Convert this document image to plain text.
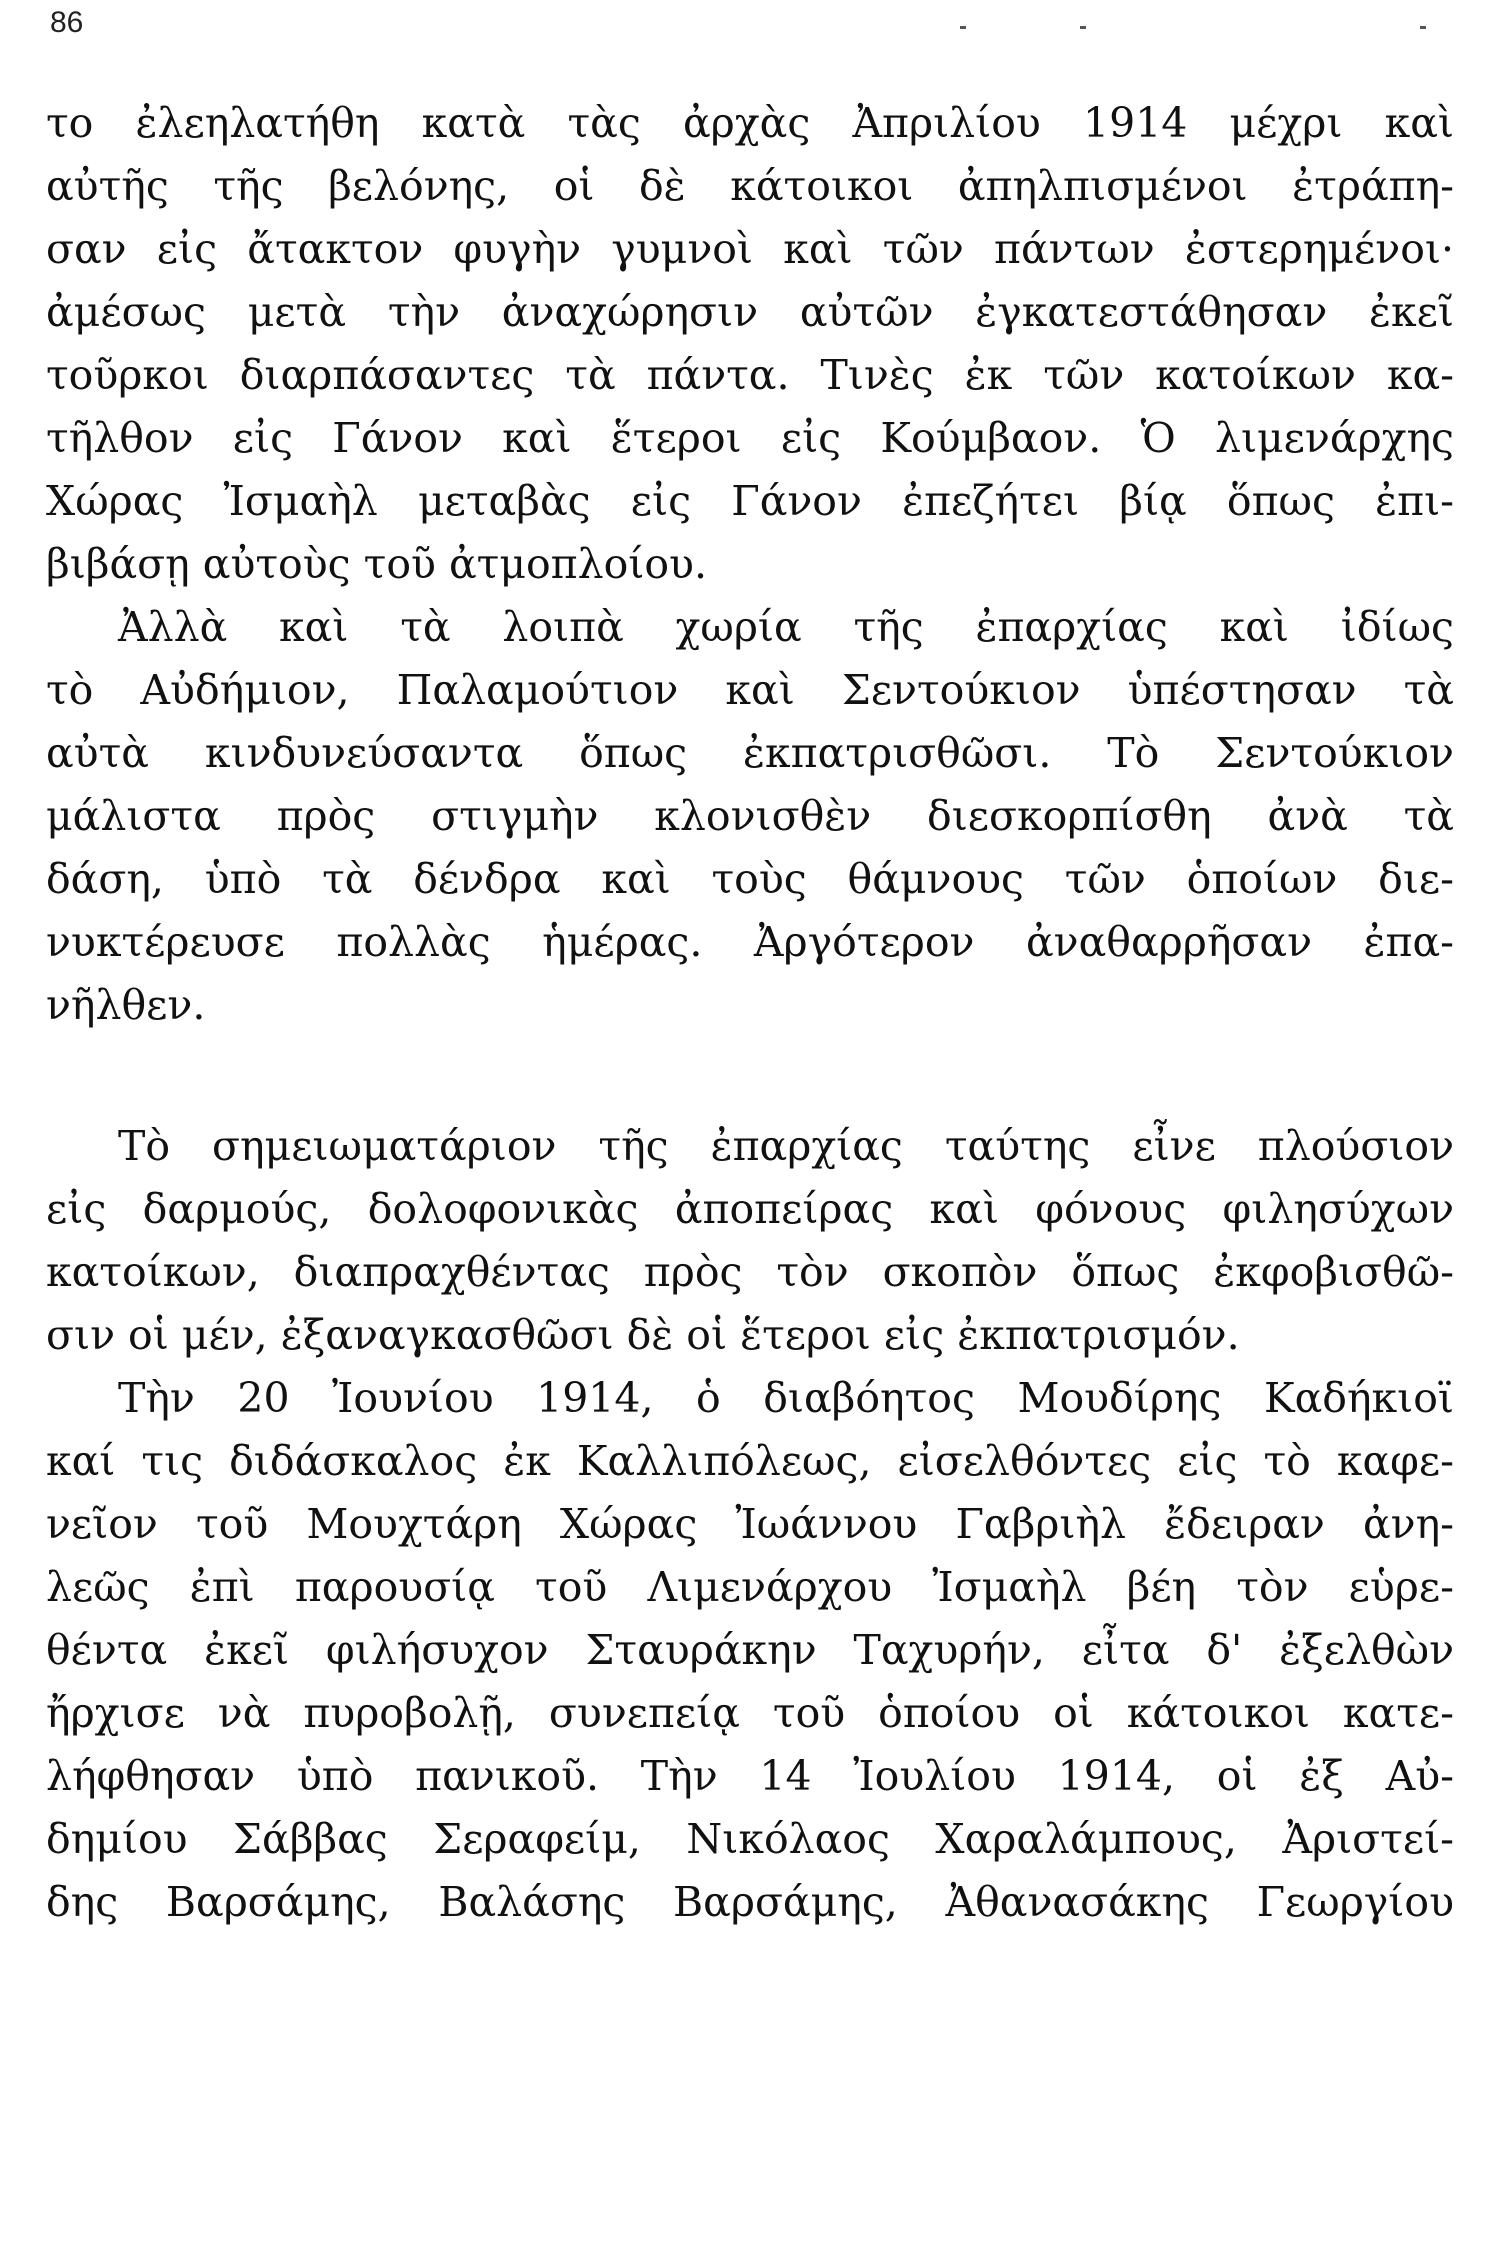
86
το ἐλεηλατήθη κατὰ τὰς ἀρχὰς Ἀπριλίου 1914 μέχρι καὶ
αὐτῆς τῆς βελόνης, οἱ δὲ κάτοικοι ἀπηλπισμένοι ἐτράπη-
σαν εἰς ἄτακτον φυγὴν γυμνοὶ καὶ τῶν πάντων ἐστερημένοι·
ἀμέσως μετὰ τὴν ἀναχώρησιν αὐτῶν ἐγκατεστάθησαν ἐκεῖ
τοῦρκοι διαρπάσαντες τὰ πάντα. Τινὲς ἐκ τῶν κατοίκων κα-
τῆλθον εἰς Γάνον καὶ ἕτεροι εἰς Κούμβαον. Ὁ λιμενάρχης
Χώρας Ἰσμαὴλ μεταβὰς εἰς Γάνον ἐπεζήτει βίᾳ ὅπως ἐπι-
βιβάσῃ αὐτοὺς τοῦ ἀτμοπλοίου.
Ἀλλὰ καὶ τὰ λοιπὰ χωρία τῆς ἐπαρχίας καὶ ἰδίως
τὸ Αὐδήμιον, Παλαμούτιον καὶ Σεντούκιον ὑπέστησαν τὰ
αὐτὰ κινδυνεύσαντα ὅπως ἐκπατρισθῶσι. Τὸ Σεντούκιον
μάλιστα πρὸς στιγμὴν κλονισθὲν διεσκορπίσθη ἀνὰ τὰ
δάση, ὑπὸ τὰ δένδρα καὶ τοὺς θάμνους τῶν ὁποίων διε-
νυκτέρευσε πολλὰς ἡμέρας. Ἀργότερον ἀναθαρρῆσαν ἐπα-
νῆλθεν.
Τὸ σημειωματάριον τῆς ἐπαρχίας ταύτης εἶνε πλούσιον
εἰς δαρμούς, δολοφονικὰς ἀποπείρας καὶ φόνους φιλησύχων
κατοίκων, διαπραχθέντας πρὸς τὸν σκοπὸν ὅπως ἐκφοβισθῶ-
σιν οἱ μέν, ἐξαναγκασθῶσι δὲ οἱ ἕτεροι εἰς ἐκπατρισμόν.
Τὴν 20 Ἰουνίου 1914, ὁ διαβόητος Μουδίρης Καδήκιοϊ
καί τις διδάσκαλος ἐκ Καλλιπόλεως, εἰσελθόντες εἰς τὸ καφε-
νεῖον τοῦ Μουχτάρη Χώρας Ἰωάννου Γαβριὴλ ἔδειραν ἀνη-
λεῶς ἐπὶ παρουσίᾳ τοῦ Λιμενάρχου Ἰσμαὴλ βέη τὸν εὑρε-
θέντα ἐκεῖ φιλήσυχον Σταυράκην Ταχυρήν, εἶτα δ' ἐξελθὼν
ἤρχισε νὰ πυροβολῇ, συνεπείᾳ τοῦ ὁποίου οἱ κάτοικοι κατε-
λήφθησαν ὑπὸ πανικοῦ. Τὴν 14 Ἰουλίου 1914, οἱ ἐξ Αὐ-
δημίου Σάββας Σεραφείμ, Νικόλαος Χαραλάμπους, Ἀριστεί-
δης Βαρσάμης, Βαλάσης Βαρσάμης, Ἀθανασάκης Γεωργίου
